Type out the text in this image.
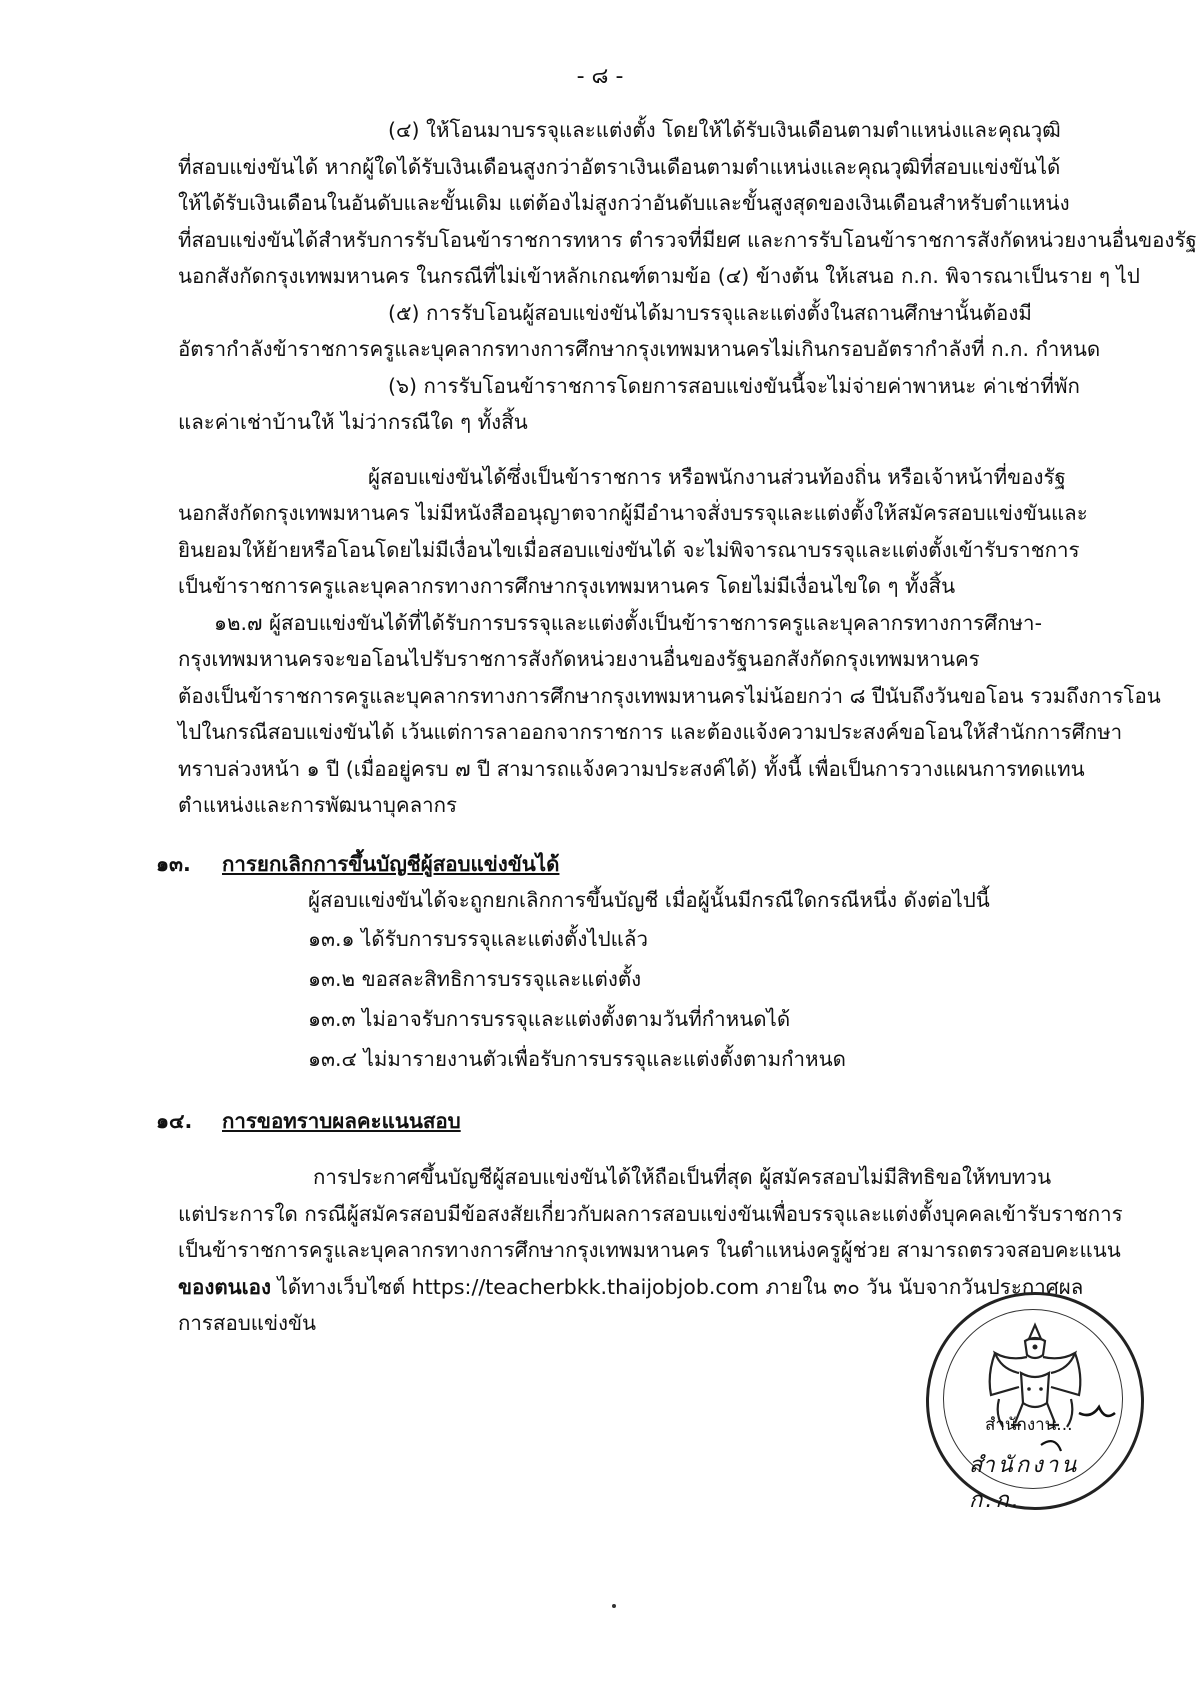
- ๘ -
(๔) ให้โอนมาบรรจุและแต่งตั้ง โดยให้ได้รับเงินเดือนตามตำแหน่งและคุณวุฒิ
ที่สอบแข่งขันได้ หากผู้ใดได้รับเงินเดือนสูงกว่าอัตราเงินเดือนตามตำแหน่งและคุณวุฒิที่สอบแข่งขันได้
ให้ได้รับเงินเดือนในอันดับและขั้นเดิม แต่ต้องไม่สูงกว่าอันดับและขั้นสูงสุดของเงินเดือนสำหรับตำแหน่ง
ที่สอบแข่งขันได้สำหรับการรับโอนข้าราชการทหาร ตำรวจที่มียศ และการรับโอนข้าราชการสังกัดหน่วยงานอื่นของรัฐ
นอกสังกัดกรุงเทพมหานคร ในกรณีที่ไม่เข้าหลักเกณฑ์ตามข้อ (๔) ข้างต้น ให้เสนอ ก.ก. พิจารณาเป็นราย ๆ ไป
(๕) การรับโอนผู้สอบแข่งขันได้มาบรรจุและแต่งตั้งในสถานศึกษานั้นต้องมี
อัตรากำลังข้าราชการครูและบุคลากรทางการศึกษากรุงเทพมหานครไม่เกินกรอบอัตรากำลังที่ ก.ก. กำหนด
(๖) การรับโอนข้าราชการโดยการสอบแข่งขันนี้จะไม่จ่ายค่าพาหนะ ค่าเช่าที่พัก
และค่าเช่าบ้านให้ ไม่ว่ากรณีใด ๆ ทั้งสิ้น
ผู้สอบแข่งขันได้ซึ่งเป็นข้าราชการ หรือพนักงานส่วนท้องถิ่น หรือเจ้าหน้าที่ของรัฐ
นอกสังกัดกรุงเทพมหานคร ไม่มีหนังสืออนุญาตจากผู้มีอำนาจสั่งบรรจุและแต่งตั้งให้สมัครสอบแข่งขันและ
ยินยอมให้ย้ายหรือโอนโดยไม่มีเงื่อนไขเมื่อสอบแข่งขันได้ จะไม่พิจารณาบรรจุและแต่งตั้งเข้ารับราชการ
เป็นข้าราชการครูและบุคลากรทางการศึกษากรุงเทพมหานคร โดยไม่มีเงื่อนไขใด ๆ ทั้งสิ้น
๑๒.๗ ผู้สอบแข่งขันได้ที่ได้รับการบรรจุและแต่งตั้งเป็นข้าราชการครูและบุคลากรทางการศึกษา-
กรุงเทพมหานครจะขอโอนไปรับราชการสังกัดหน่วยงานอื่นของรัฐนอกสังกัดกรุงเทพมหานคร
ต้องเป็นข้าราชการครูและบุคลากรทางการศึกษากรุงเทพมหานครไม่น้อยกว่า ๘ ปีนับถึงวันขอโอน รวมถึงการโอน
ไปในกรณีสอบแข่งขันได้ เว้นแต่การลาออกจากราชการ และต้องแจ้งความประสงค์ขอโอนให้สำนักการศึกษา
ทราบล่วงหน้า ๑ ปี (เมื่ออยู่ครบ ๗ ปี สามารถแจ้งความประสงค์ได้) ทั้งนี้ เพื่อเป็นการวางแผนการทดแทน
ตำแหน่งและการพัฒนาบุคลากร
๑๓.	การยกเลิกการขึ้นบัญชีผู้สอบแข่งขันได้
ผู้สอบแข่งขันได้จะถูกยกเลิกการขึ้นบัญชี เมื่อผู้นั้นมีกรณีใดกรณีหนึ่ง ดังต่อไปนี้
๑๓.๑ ได้รับการบรรจุและแต่งตั้งไปแล้ว
๑๓.๒ ขอสละสิทธิการบรรจุและแต่งตั้ง
๑๓.๓ ไม่อาจรับการบรรจุและแต่งตั้งตามวันที่กำหนดได้
๑๓.๔ ไม่มารายงานตัวเพื่อรับการบรรจุและแต่งตั้งตามกำหนด
๑๔.	การขอทราบผลคะแนนสอบ
การประกาศขึ้นบัญชีผู้สอบแข่งขันได้ให้ถือเป็นที่สุด ผู้สมัครสอบไม่มีสิทธิขอให้ทบทวน
แต่ประการใด กรณีผู้สมัครสอบมีข้อสงสัยเกี่ยวกับผลการสอบแข่งขันเพื่อบรรจุและแต่งตั้งบุคคลเข้ารับราชการ
เป็นข้าราชการครูและบุคลากรทางการศึกษากรุงเทพมหานคร ในตำแหน่งครูผู้ช่วย สามารถตรวจสอบคะแนน
ของตนเอง
ได้ทางเว็บไซต์ https://teacherbkk.thaijobjob.com ภายใน ๓๐ วัน นับจากวันประกาศผล
การสอบแข่งขัน
สำนักงาน...
สำนักงาน ก.ก.
